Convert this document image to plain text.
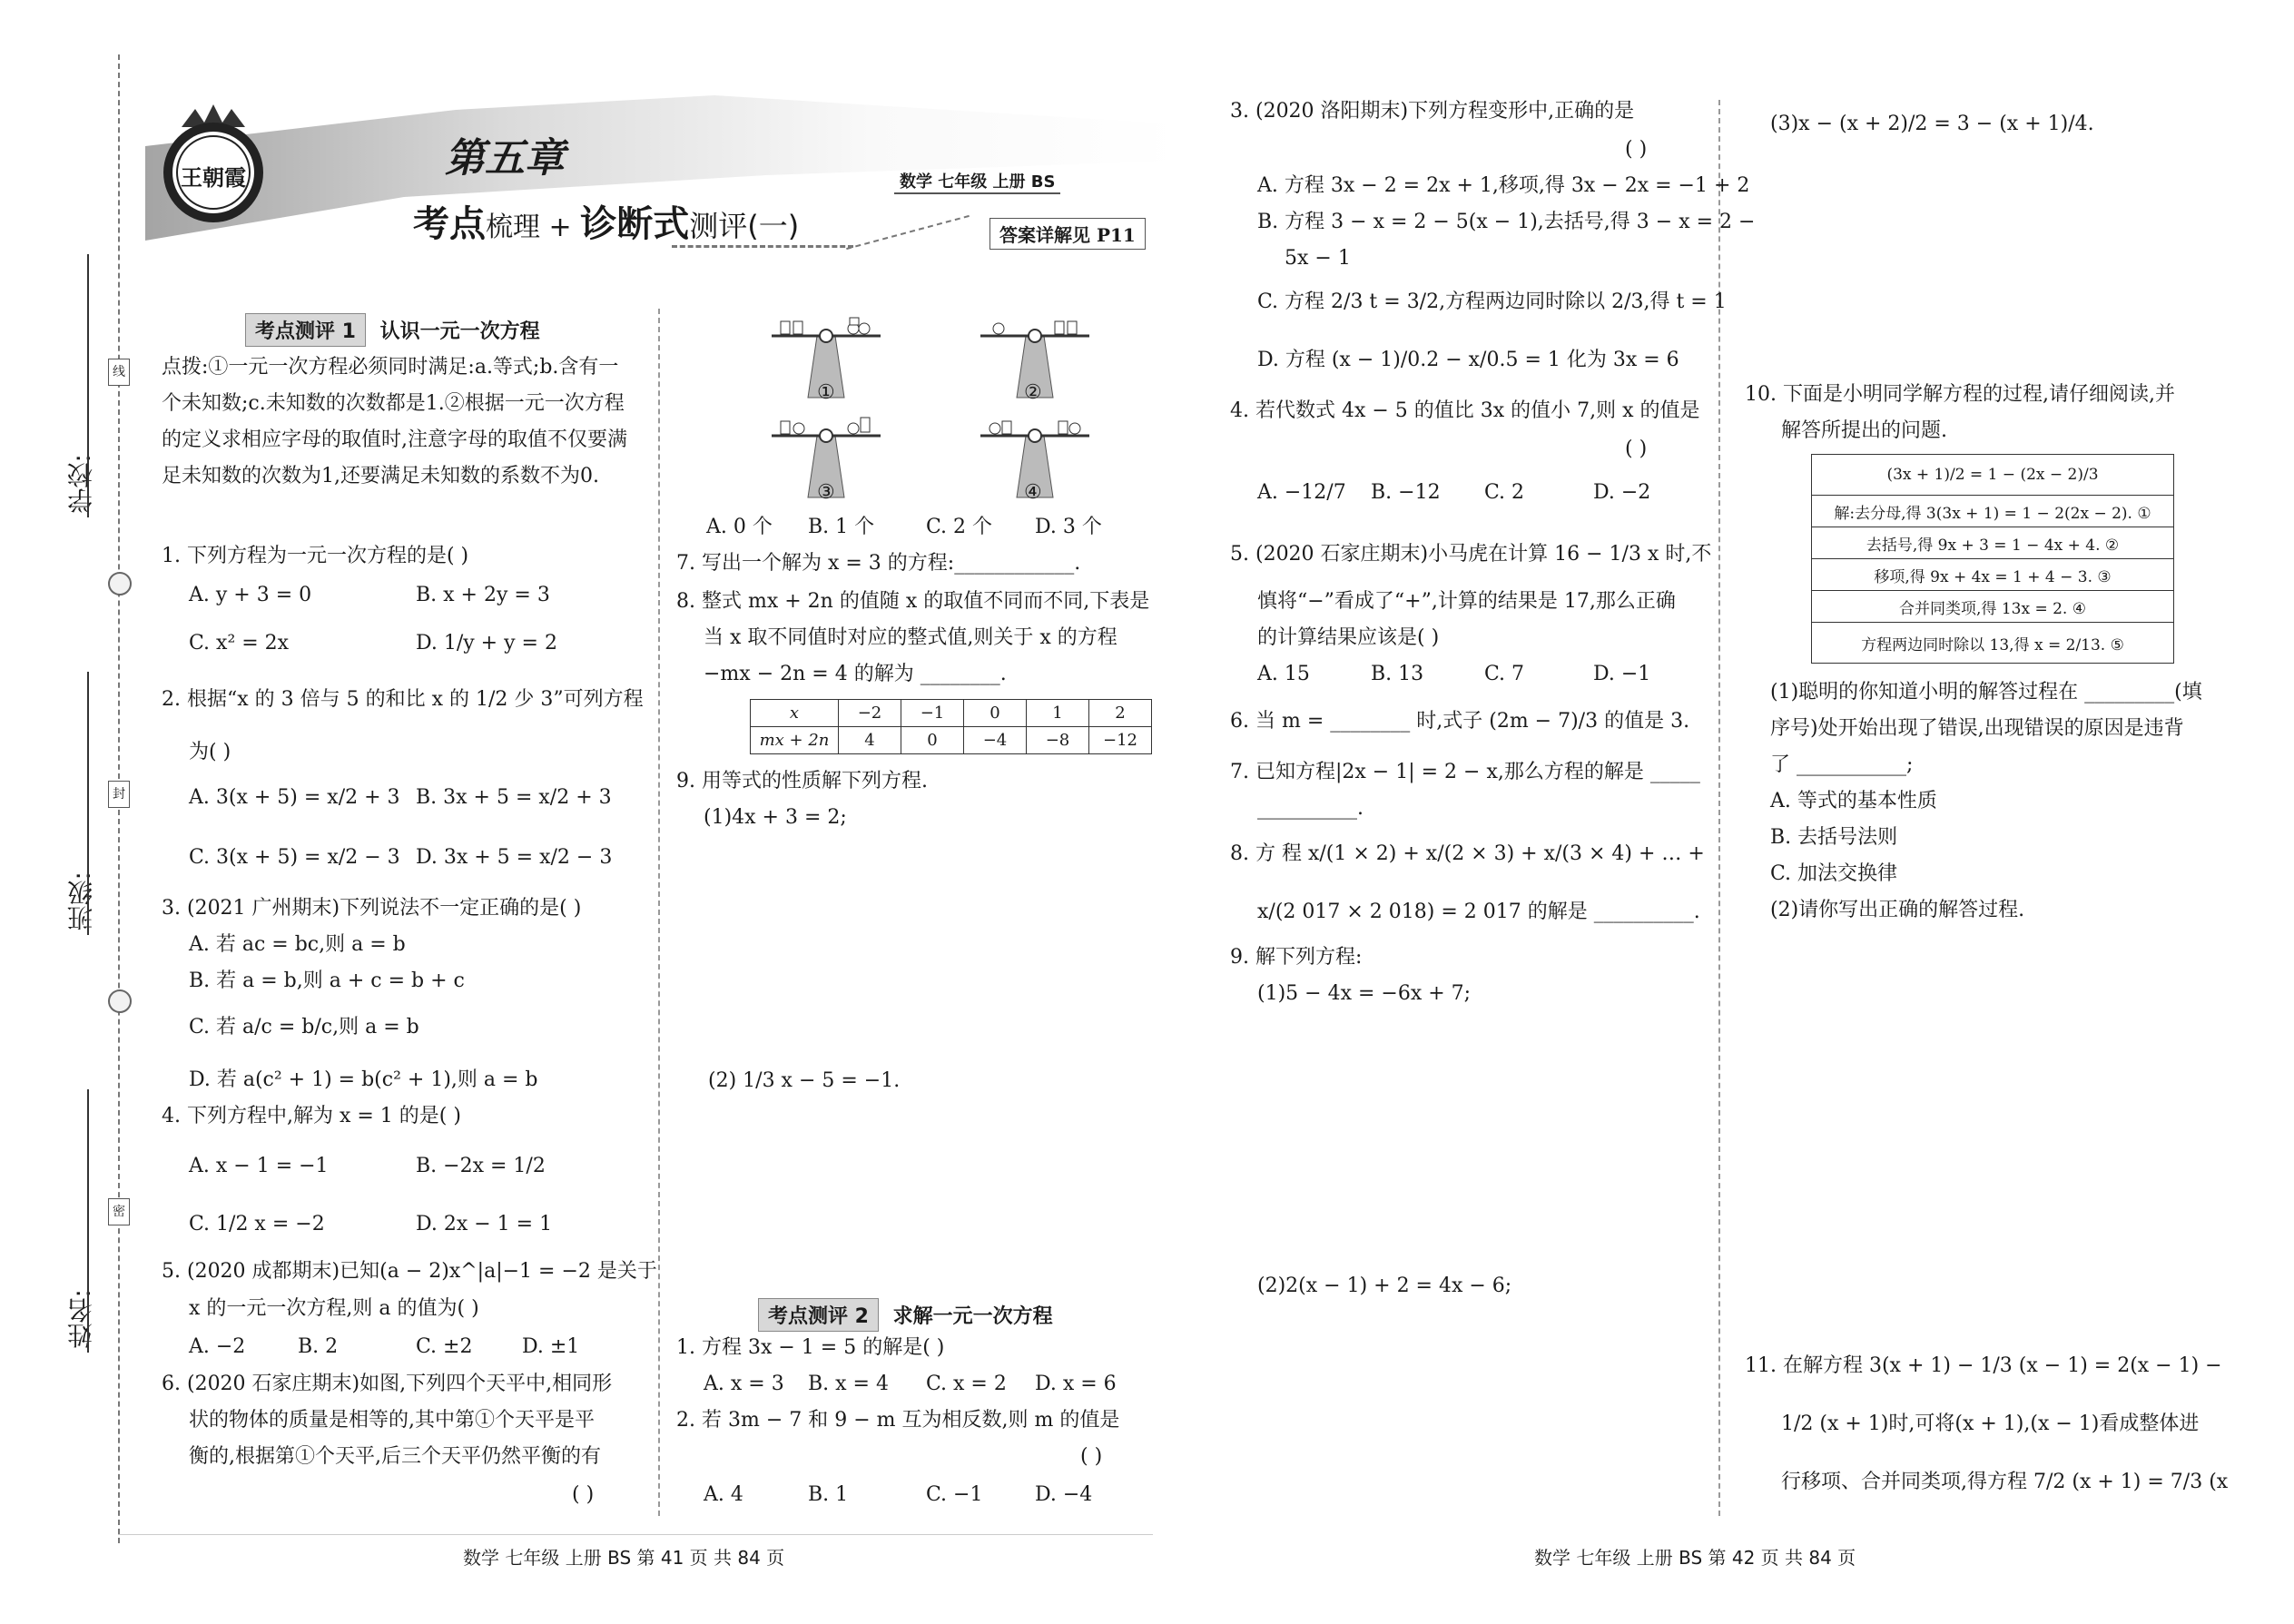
线
封
密
学校:
班级:
姓名:
王朝霞	第五章
考点梳理 + 诊断式测评(一)
数学 七年级 上册 BS
答案详解见 P11
考点测评 1 认识一元一次方程
点拨:①一元一次方程必须同时满足:a.等式;b.含有一个未知数;c.未知数的次数都是1.②根据一元一次方程的定义求相应字母的取值时,注意字母的取值不仅要满足未知数的次数为1,还要满足未知数的系数不为0.
1. 下列方程为一元一次方程的是( )
A. y + 3 = 0	B. x + 2y = 3
C. x² = 2x	D. 1/y + y = 2
2. 根据“x 的 3 倍与 5 的和比 x 的 1/2 少 3”可列方程
为( )
A. 3(x + 5) = x/2 + 3 B. 3x + 5 = x/2 + 3
C. 3(x + 5) = x/2 − 3 D. 3x + 5 = x/2 − 3
3. (2021 广州期末)下列说法不一定正确的是( )
A. 若 ac = bc,则 a = b
B. 若 a = b,则 a + c = b + c
C. 若 a/c = b/c,则 a = b
D. 若 a(c² + 1) = b(c² + 1),则 a = b
4. 下列方程中,解为 x = 1 的是( )
A. x − 1 = −1	B. −2x = 1/2
C. 1/2 x = −2	D. 2x − 1 = 1
5. (2020 成都期末)已知(a − 2)x^|a|−1 = −2 是关于
x 的一元一次方程,则 a 的值为( )
A. −2	B. 2	C. ±2 D. ±1
6. (2020 石家庄期末)如图,下列四个天平中,相同形
状的物体的质量是相等的,其中第①个天平是平
衡的,根据第①个天平,后三个天平仍然平衡的有
( )
①	②
③	④
A. 0 个 B. 1 个	C. 2 个 D. 3 个
7. 写出一个解为 x = 3 的方程:____________.
8. 整式 mx + 2n 的值随 x 的取值不同而不同,下表是
当 x 取不同值时对应的整式值,则关于 x 的方程
−mx − 2n = 4 的解为 ________.
x	−2	−1	0	1	2
mx + 2n	4	0	−4	−8	−12
9. 用等式的性质解下列方程.
(1)4x + 3 = 2;
(2) 1/3 x − 5 = −1.
考点测评 2 求解一元一次方程
1. 方程 3x − 1 = 5 的解是( )
A. x = 3 B. x = 4 C. x = 2 D. x = 6
2. 若 3m − 7 和 9 − m 互为相反数,则 m 的值是
( )
A. 4	B. 1	C. −1	D. −4
3. (2020 洛阳期末)下列方程变形中,正确的是
( )
A. 方程 3x − 2 = 2x + 1,移项,得 3x − 2x = −1 + 2
B. 方程 3 − x = 2 − 5(x − 1),去括号,得 3 − x = 2 −
5x − 1
C. 方程 2/3 t = 3/2,方程两边同时除以 2/3,得 t = 1
D. 方程 (x − 1)/0.2 − x/0.5 = 1 化为 3x = 6
4. 若代数式 4x − 5 的值比 3x 的值小 7,则 x 的值是
( )
A. −12/7 B. −12 C. 2	D. −2
5. (2020 石家庄期末)小马虎在计算 16 − 1/3 x 时,不
慎将“−”看成了“+”,计算的结果是 17,那么正确
的计算结果应该是( )
A. 15	B. 13	C. 7	D. −1
6. 当 m = ________ 时,式子 (2m − 7)/3 的值是 3.
7. 已知方程|2x − 1| = 2 − x,那么方程的解是 _____
__________.
8. 方 程 x/(1 × 2) + x/(2 × 3) + x/(3 × 4) + … +
x/(2 017 × 2 018) = 2 017 的解是 __________.
9. 解下列方程:
(1)5 − 4x = −6x + 7;
(2)2(x − 1) + 2 = 4x − 6;
(3)x − (x + 2)/2 = 3 − (x + 1)/4.
10. 下面是小明同学解方程的过程,请仔细阅读,并
解答所提出的问题.
(3x + 1)/2 = 1 − (2x − 2)/3
解:去分母,得 3(3x + 1) = 1 − 2(2x − 2). ①
去括号,得 9x + 3 = 1 − 4x + 4. ②
移项,得 9x + 4x = 1 + 4 − 3. ③
合并同类项,得 13x = 2. ④
方程两边同时除以 13,得 x = 2/13. ⑤
(1)聪明的你知道小明的解答过程在 _________(填
序号)处开始出现了错误,出现错误的原因是违背
了 ___________;
A. 等式的基本性质
B. 去括号法则
C. 加法交换律
(2)请你写出正确的解答过程.
11. 在解方程 3(x + 1) − 1/3 (x − 1) = 2(x − 1) −
1/2 (x + 1)时,可将(x + 1),(x − 1)看成整体进
行移项、合并同类项,得方程 7/2 (x + 1) = 7/3 (x
数学 七年级 上册 BS 第 41 页 共 84 页	数学 七年级 上册 BS 第 42 页 共 84 页
